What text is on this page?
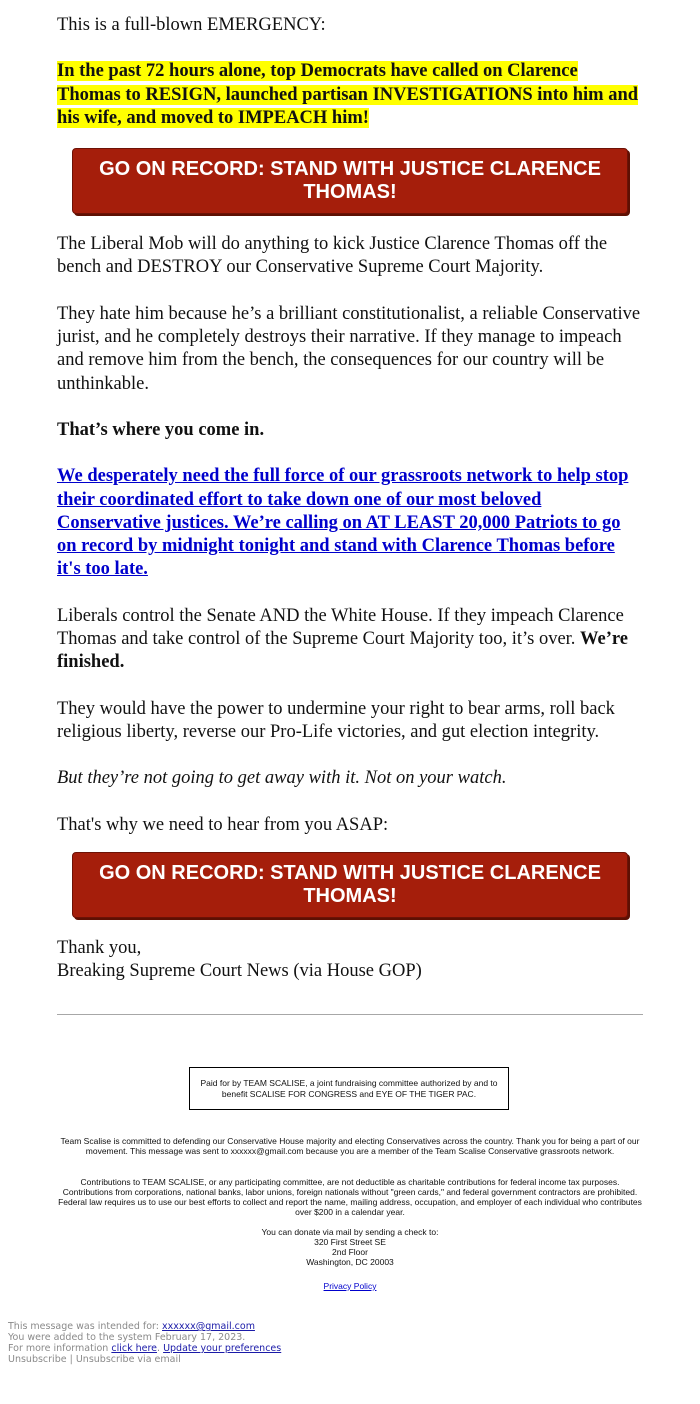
This is a full-blown EMERGENCY:

In the past 72 hours alone, top Democrats have called on Clarence Thomas to RESIGN, launched partisan INVESTIGATIONS into him and his wife, and moved to IMPEACH him!

GO ON RECORD: STAND WITH JUSTICE CLARENCE THOMAS!

The Liberal Mob will do anything to kick Justice Clarence Thomas off the bench and DESTROY our Conservative Supreme Court Majority.

They hate him because he’s a brilliant constitutionalist, a reliable Conservative jurist, and he completely destroys their narrative. If they manage to impeach and remove him from the bench, the consequences for our country will be unthinkable.

That’s where you come in.

We desperately need the full force of our grassroots network to help stop their coordinated effort to take down one of our most beloved Conservative justices. We’re calling on AT LEAST 20,000 Patriots to go on record by midnight tonight and stand with Clarence Thomas before it's too late.

Liberals control the Senate AND the White House. If they impeach Clarence Thomas and take control of the Supreme Court Majority too, it’s over. We’re finished.

They would have the power to undermine your right to bear arms, roll back religious liberty, reverse our Pro-Life victories, and gut election integrity.

But they’re not going to get away with it. Not on your watch.

That's why we need to hear from you ASAP:

GO ON RECORD: STAND WITH JUSTICE CLARENCE THOMAS!

Thank you,

Breaking Supreme Court News (via House GOP)

Paid for by TEAM SCALISE, a joint fundraising committee authorized by and to benefit SCALISE FOR CONGRESS and EYE OF THE TIGER PAC.

Team Scalise is committed to defending our Conservative House majority and electing Conservatives across the country. Thank you for being a part of our movement. This message was sent to xxxxxx@gmail.com because you are a member of the Team Scalise Conservative grassroots network.

Contributions to TEAM SCALISE, or any participating committee, are not deductible as charitable contributions for federal income tax purposes. Contributions from corporations, national banks, labor unions, foreign nationals without "green cards," and federal government contractors are prohibited. Federal law requires us to use our best efforts to collect and report the name, mailing address, occupation, and employer of each individual who contributes over $200 in a calendar year.

You can donate via mail by sending a check to:

320 First Street SE

2nd Floor

Washington, DC 20003

Privacy Policy
This message was intended for: xxxxxx@gmail.com
You were added to the system February 17, 2023.
For more information click here. Update your preferences
Unsubscribe | Unsubscribe via email
